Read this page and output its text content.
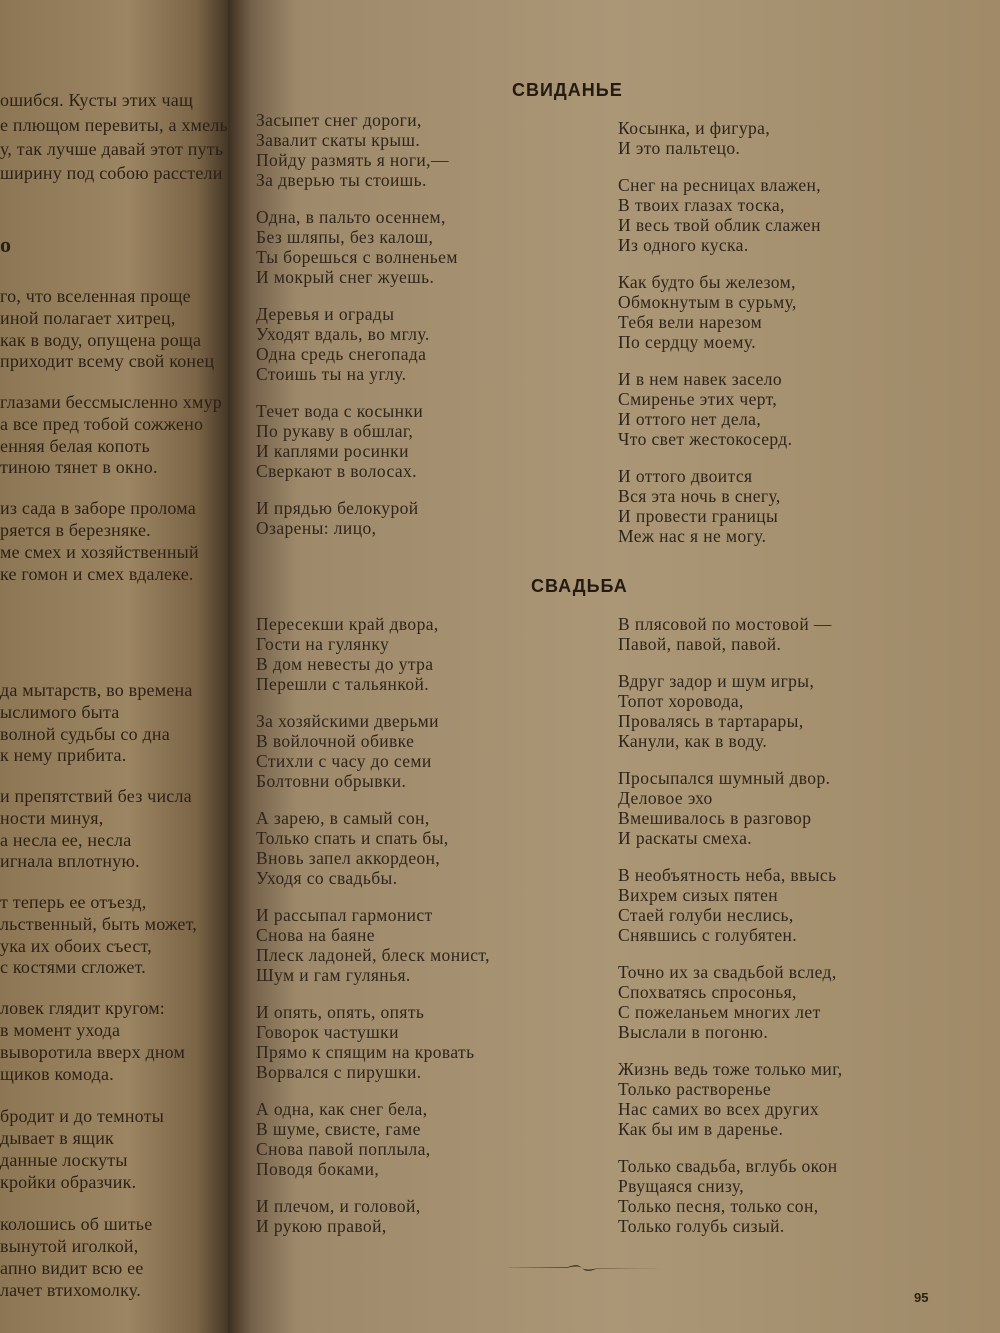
о
ошибся. Кусты этих чащ
е плющом перевиты, а хмель
у, так лучше давай этот путь
ширину под собою расстели
го, что вселенная проще
иной полагает хитрец,
как в воду, опущена роща
приходит всему свой конец
глазами бессмысленно хмур
а все пред тобой сожжено
енняя белая копоть
тиною тянет в окно.
из сада в заборе пролома
ряется в березняке.
ме смех и хозяйственный
ке гомон и смех вдалеке.
да мытарств, во времена
ыслимого быта
волной судьбы со дна
к нему прибита.
и препятствий без числа
ности минуя,
а несла ее, несла
игнала вплотную.
т теперь ее отъезд,
льственный, быть может,
ука их обоих съест,
с костями сгложет.
ловек глядит кругом:
в момент ухода
выворотила вверх дном
щиков комода.
бродит и до темноты
дывает в ящик
данные лоскуты
кройки образчик.
колошись об шитье
вынутой иголкой,
апно видит всю ее
лачет втихомолку.
СВИДАНЬЕ
Засыпет снег дороги,
Завалит скаты крыш.
Пойду размять я ноги,—
За дверью ты стоишь.
Одна, в пальто осеннем,
Без шляпы, без калош,
Ты борешься с волненьем
И мокрый снег жуешь.
Деревья и ограды
Уходят вдаль, во мглу.
Одна средь снегопада
Стоишь ты на углу.
Течет вода с косынки
По рукаву в обшлаг,
И каплями росинки
Сверкают в волосах.
И прядью белокурой
Озарены: лицо,
Косынка, и фигура,
И это пальтецо.
Снег на ресницах влажен,
В твоих глазах тоска,
И весь твой облик слажен
Из одного куска.
Как будто бы железом,
Обмокнутым в сурьму,
Тебя вели нарезом
По сердцу моему.
И в нем навек засело
Смиренье этих черт,
И оттого нет дела,
Что свет жестокосерд.
И оттого двоится
Вся эта ночь в снегу,
И провести границы
Меж нас я не могу.
СВАДЬБА
Пересекши край двора,
Гости на гулянку
В дом невесты до утра
Перешли с тальянкой.
За хозяйскими дверьми
В войлочной обивке
Стихли с часу до семи
Болтовни обрывки.
А зарею, в самый сон,
Только спать и спать бы,
Вновь запел аккордеон,
Уходя со свадьбы.
И рассыпал гармонист
Снова на баяне
Плеск ладоней, блеск монист,
Шум и гам гулянья.
И опять, опять, опять
Говорок частушки
Прямо к спящим на кровать
Ворвался с пирушки.
А одна, как снег бела,
В шуме, свисте, гаме
Снова павой поплыла,
Поводя боками,
И плечом, и головой,
И рукою правой,
В плясовой по мостовой —
Павой, павой, павой.
Вдруг задор и шум игры,
Топот хоровода,
Провалясь в тартарары,
Канули, как в воду.
Просыпался шумный двор.
Деловое эхо
Вмешивалось в разговор
И раскаты смеха.
В необъятность неба, ввысь
Вихрем сизых пятен
Стаей голуби неслись,
Снявшись с голубятен.
Точно их за свадьбой вслед,
Спохватясь спросонья,
С пожеланьем многих лет
Выслали в погоню.
Жизнь ведь тоже только миг,
Только растворенье
Нас самих во всех других
Как бы им в даренье.
Только свадьба, вглубь окон
Рвущаяся снизу,
Только песня, только сон,
Только голубь сизый.
95
